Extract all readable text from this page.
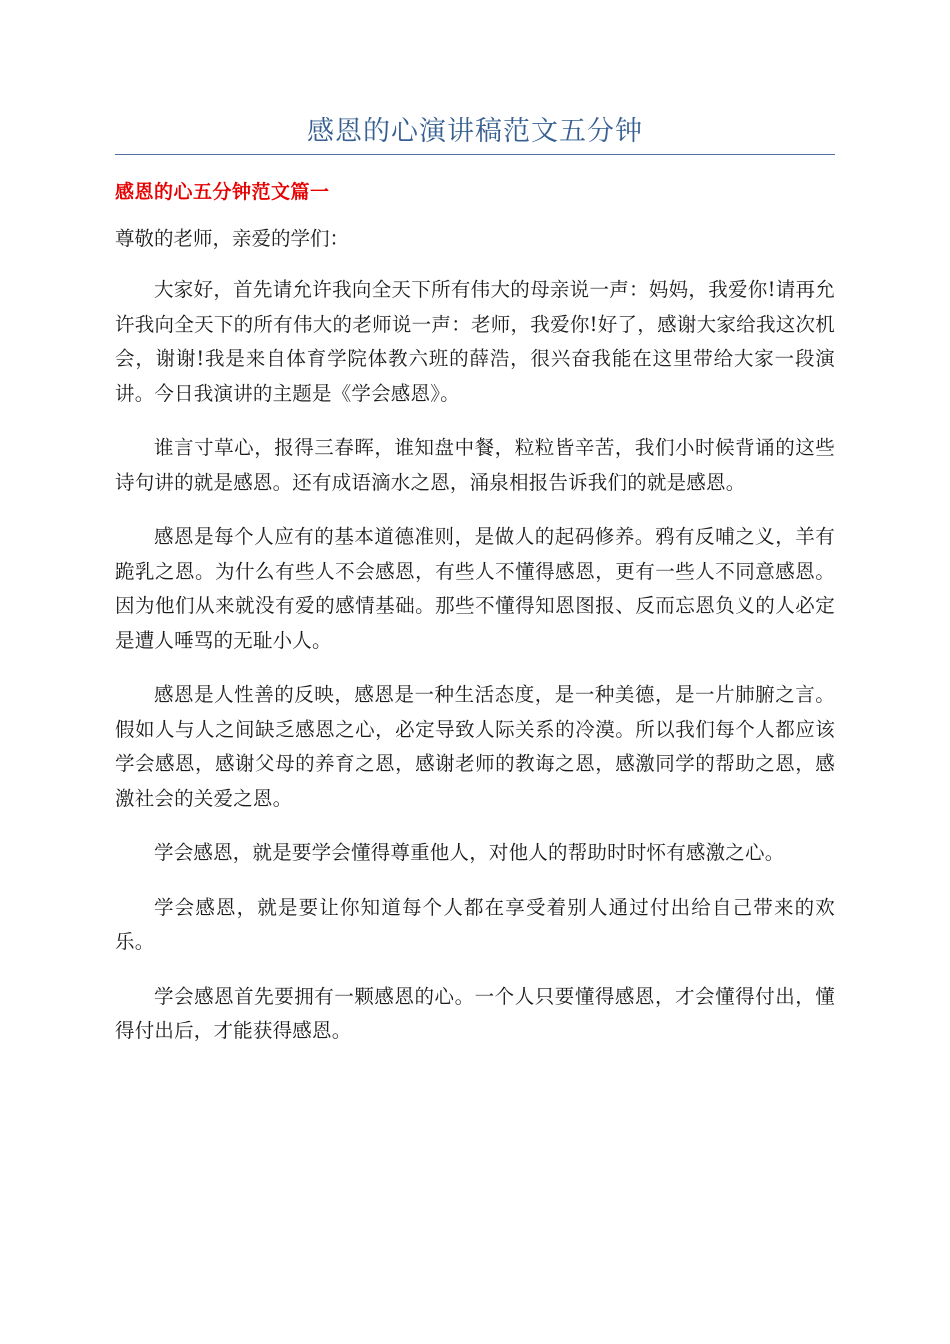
感恩的心演讲稿范文五分钟
感恩的心五分钟范文篇一

尊敬的老师，亲爱的学们：

大家好，首先请允许我向全天下所有伟大的母亲说一声：妈妈，我爱你!请再允许我向全天下的所有伟大的老师说一声：老师，我爱你!好了，感谢大家给我这次机会，谢谢!我是来自体育学院体教六班的薛浩，很兴奋我能在这里带给大家一段演讲。今日我演讲的主题是《学会感恩》。

谁言寸草心，报得三春晖，谁知盘中餐，粒粒皆辛苦，我们小时候背诵的这些诗句讲的就是感恩。还有成语滴水之恩，涌泉相报告诉我们的就是感恩。

感恩是每个人应有的基本道德准则，是做人的起码修养。鸦有反哺之义，羊有跪乳之恩。为什么有些人不会感恩，有些人不懂得感恩，更有一些人不同意感恩。因为他们从来就没有爱的感情基础。那些不懂得知恩图报、反而忘恩负义的人必定是遭人唾骂的无耻小人。

感恩是人性善的反映，感恩是一种生活态度，是一种美德，是一片肺腑之言。假如人与人之间缺乏感恩之心，必定导致人际关系的冷漠。所以我们每个人都应该学会感恩，感谢父母的养育之恩，感谢老师的教诲之恩，感激同学的帮助之恩，感激社会的关爱之恩。

学会感恩，就是要学会懂得尊重他人，对他人的帮助时时怀有感激之心。

学会感恩，就是要让你知道每个人都在享受着别人通过付出给自己带来的欢乐。

学会感恩首先要拥有一颗感恩的心。一个人只要懂得感恩，才会懂得付出，懂得付出后，才能获得感恩。
